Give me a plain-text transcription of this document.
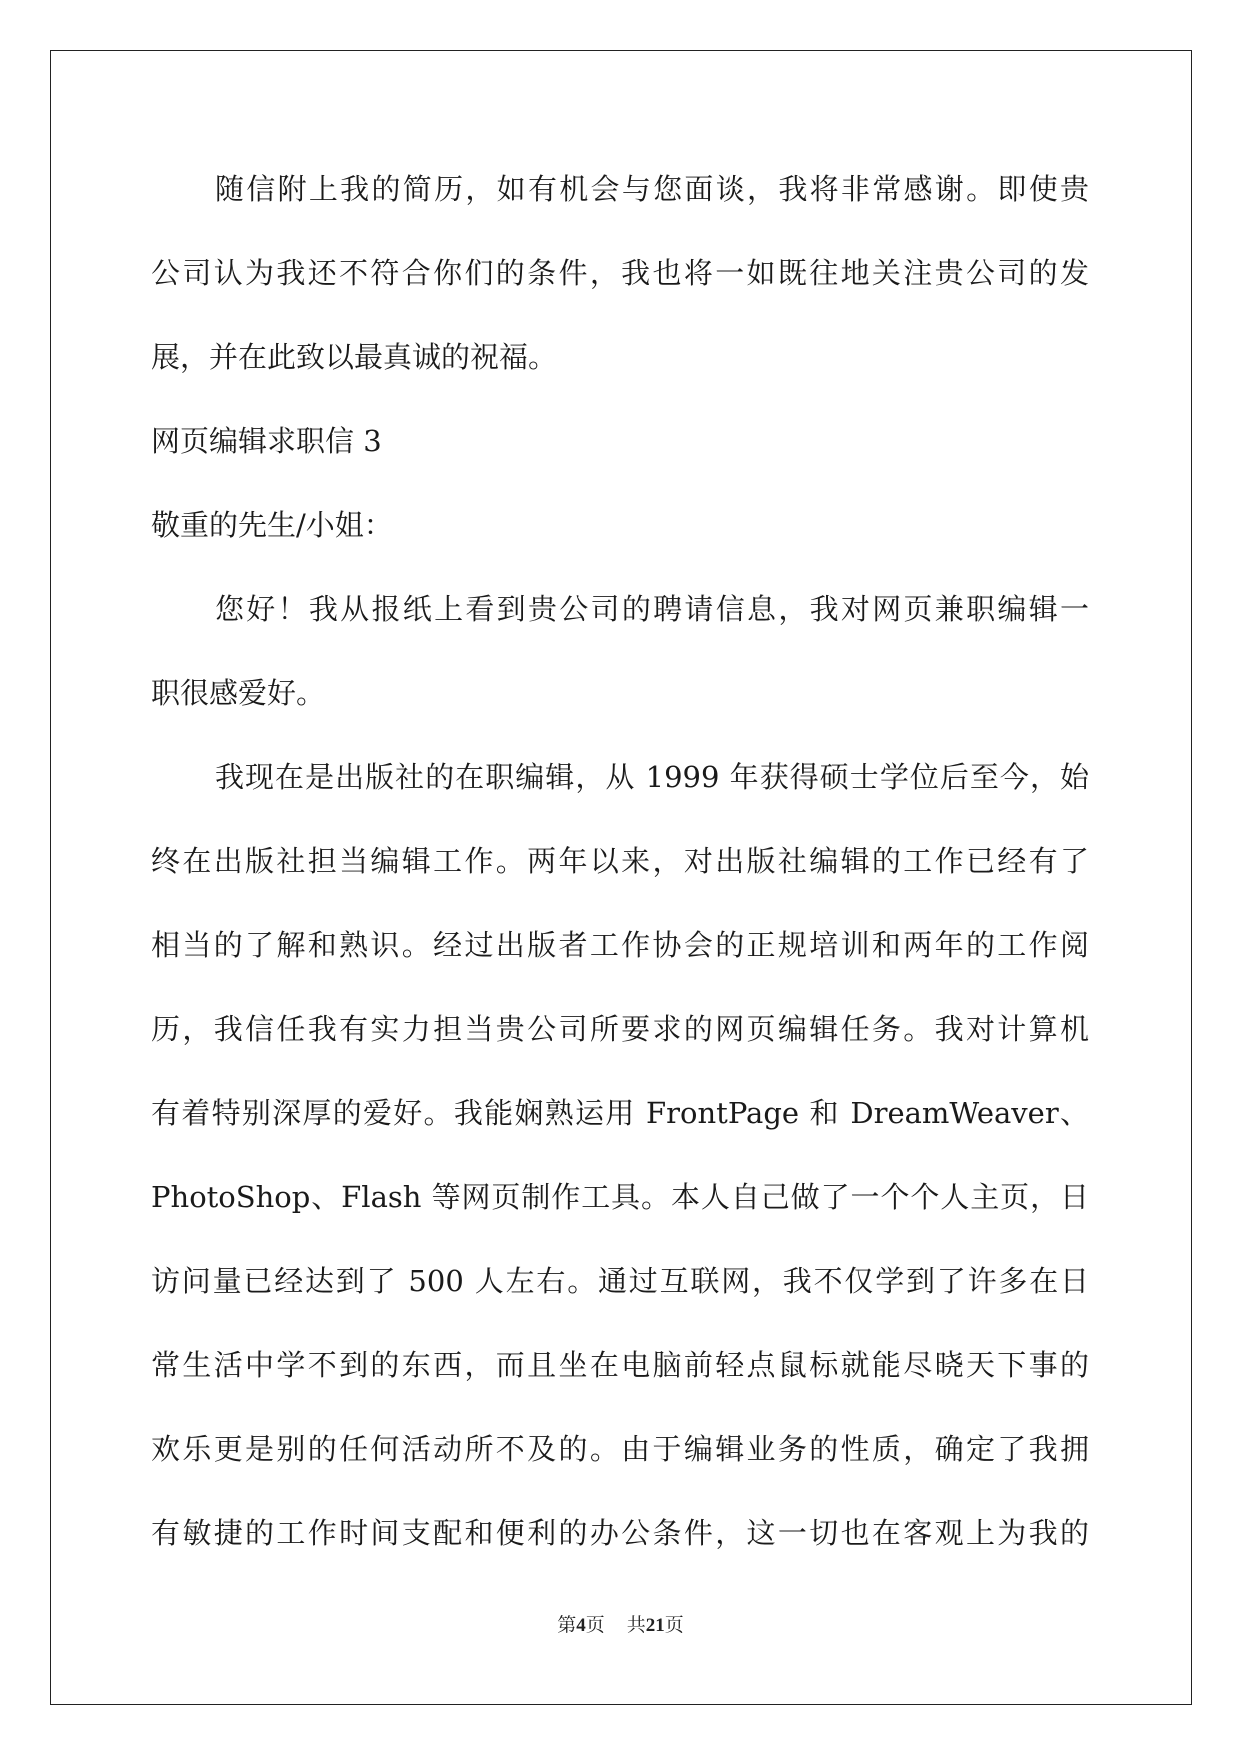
随信附上我的简历，如有机会与您面谈，我将非常感谢。即使贵
公司认为我还不符合你们的条件，我也将一如既往地关注贵公司的发
展，并在此致以最真诚的祝福。
网页编辑求职信 3
敬重的先生/小姐：
您好！我从报纸上看到贵公司的聘请信息，我对网页兼职编辑一
职很感爱好。
我现在是出版社的在职编辑，从 1999 年获得硕士学位后至今，始
终在出版社担当编辑工作。两年以来，对出版社编辑的工作已经有了
相当的了解和熟识。经过出版者工作协会的正规培训和两年的工作阅
历，我信任我有实力担当贵公司所要求的网页编辑任务。我对计算机
有着特别深厚的爱好。我能娴熟运用 FrontPage 和 DreamWeaver、
PhotoShop、Flash 等网页制作工具。本人自己做了一个个人主页，日
访问量已经达到了 500 人左右。通过互联网，我不仅学到了许多在日
常生活中学不到的东西，而且坐在电脑前轻点鼠标就能尽晓天下事的
欢乐更是别的任何活动所不及的。由于编辑业务的性质，确定了我拥
有敏捷的工作时间支配和便利的办公条件，这一切也在客观上为我的
第4页 共21页
